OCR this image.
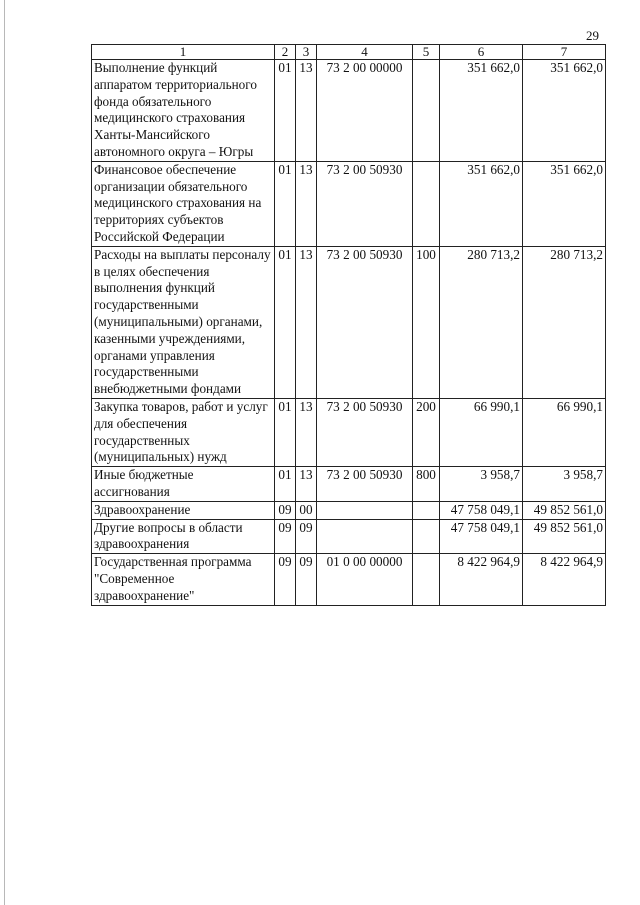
29
1	2	3	4	5	6	7
Выполнение функций аппаратом территориального фонда обязательного медицинского страхования Ханты-Мансийского автономного округа – Югры	01	13	73 2 00 00000		351 662,0	351 662,0
Финансовое обеспечение организации обязательного медицинского страхования на территориях субъектов Российской Федерации	01	13	73 2 00 50930		351 662,0	351 662,0
Расходы на выплаты персоналу в целях обеспечения выполнения функций государственными (муниципальными) органами, казенными учреждениями, органами управления государственными внебюджетными фондами	01	13	73 2 00 50930	100	280 713,2	280 713,2
Закупка товаров, работ и услуг для обеспечения государственных (муниципальных) нужд	01	13	73 2 00 50930	200	66 990,1	66 990,1
Иные бюджетные ассигнования	01	13	73 2 00 50930	800	3 958,7	3 958,7
Здравоохранение	09	00			47 758 049,1	49 852 561,0
Другие вопросы в области здравоохранения	09	09			47 758 049,1	49 852 561,0
Государственная программа "Современное здравоохранение"	09	09	01 0 00 00000		8 422 964,9	8 422 964,9
